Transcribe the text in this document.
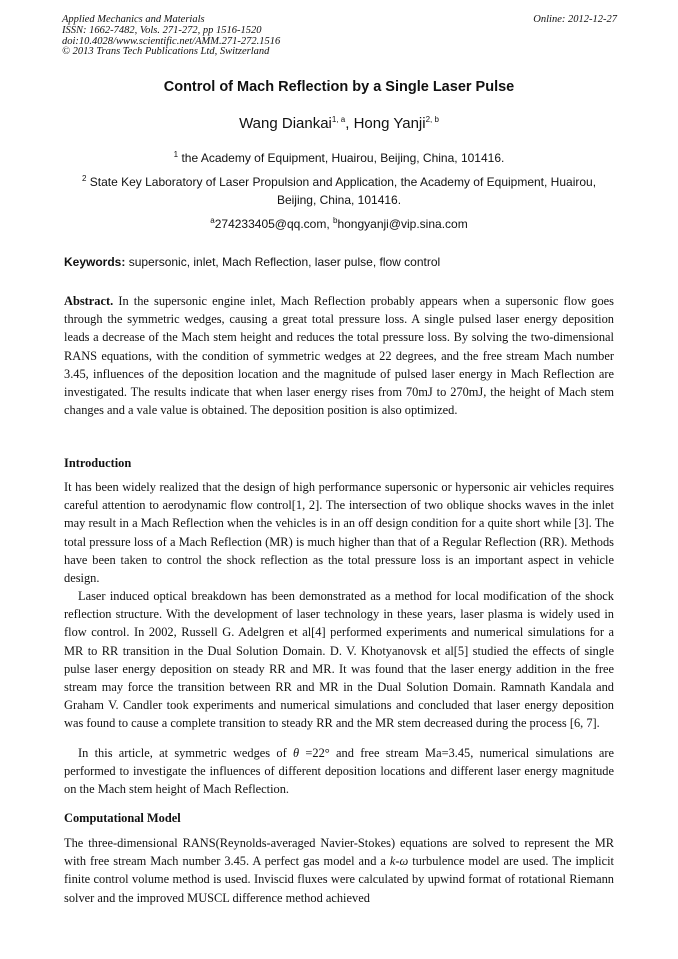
Applied Mechanics and Materials
ISSN: 1662-7482, Vols. 271-272, pp 1516-1520
doi:10.4028/www.scientific.net/AMM.271-272.1516
© 2013 Trans Tech Publications Ltd, Switzerland
Online: 2012-12-27
Control of Mach Reflection by a Single Laser Pulse
Wang Diankai$^{1, a}$, Hong Yanji$^{2, b}$
$^1$ the Academy of Equipment, Huairou, Beijing, China, 101416.
$^2$ State Key Laboratory of Laser Propulsion and Application, the Academy of Equipment, Huairou,
Beijing, China, 101416.
$^a$274233405@qq.com, $^b$hongyanji@vip.sina.com
Keywords: supersonic, inlet, Mach Reflection, laser pulse, flow control
Abstract. In the supersonic engine inlet, Mach Reflection probably appears when a supersonic flow goes through the symmetric wedges, causing a great total pressure loss. A single pulsed laser energy deposition leads a decrease of the Mach stem height and reduces the total pressure loss. By solving the two-dimensional RANS equations, with the condition of symmetric wedges at 22 degrees, and the free stream Mach number 3.45, influences of the deposition location and the magnitude of pulsed laser energy in Mach Reflection are investigated. The results indicate that when laser energy rises from 70mJ to 270mJ, the height of Mach stem changes and a vale value is obtained. The deposition position is also optimized.
Introduction
It has been widely realized that the design of high performance supersonic or hypersonic air vehicles requires careful attention to aerodynamic flow control[1, 2]. The intersection of two oblique shocks waves in the inlet may result in a Mach Reflection when the vehicles is in an off design condition for a quite short while [3]. The total pressure loss of a Mach Reflection (MR) is much higher than that of a Regular Reflection (RR). Methods have been taken to control the shock reflection as the total pressure loss is an important aspect in vehicle design.
Laser induced optical breakdown has been demonstrated as a method for local modification of the shock reflection structure. With the development of laser technology in these years, laser plasma is widely used in flow control. In 2002, Russell G. Adelgren et al[4] performed experiments and numerical simulations for a MR to RR transition in the Dual Solution Domain. D. V. Khotyanovsk et al[5] studied the effects of single pulse laser energy deposition on steady RR and MR. It was found that the laser energy addition in the free stream may force the transition between RR and MR in the Dual Solution Domain. Ramnath Kandala and Graham V. Candler took experiments and numerical simulations and concluded that laser energy deposition was found to cause a complete transition to steady RR and the MR stem decreased during the process [6, 7].
In this article, at symmetric wedges of θ =22° and free stream Ma=3.45, numerical simulations are performed to investigate the influences of different deposition locations and different laser energy magnitude on the Mach stem height of Mach Reflection.
Computational Model
The three-dimensional RANS(Reynolds-averaged Navier-Stokes) equations are solved to represent the MR with free stream Mach number 3.45. A perfect gas model and a k-ω turbulence model are used. The implicit finite control volume method is used. Inviscid fluxes were calculated by upwind format of rotational Riemann solver and the improved MUSCL difference method achieved
